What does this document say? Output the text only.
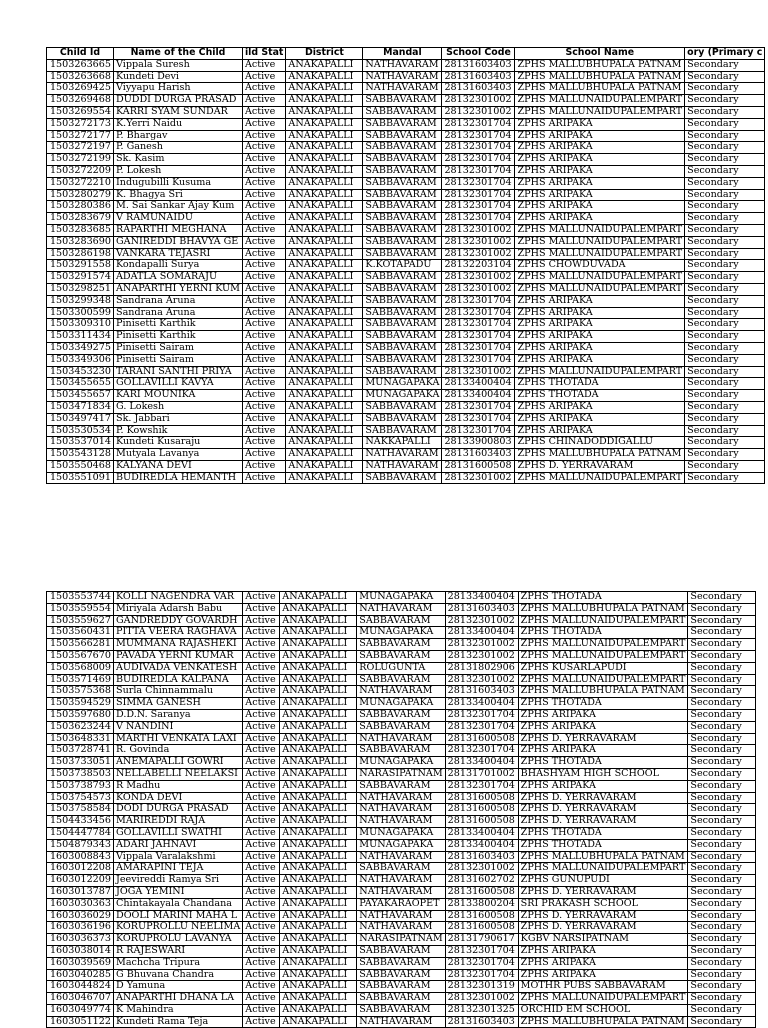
Child Id	Name of the Child	ild Stat	District	Mandal	School Code	School Name	ory (Primary c
1503263665	Vippala Suresh	Active	ANAKAPALLI	NATHAVARAM	28131603403	ZPHS MALLUBHUPALA PATNAM	Secondary
1503263668	Kundeti Devi	Active	ANAKAPALLI	NATHAVARAM	28131603403	ZPHS MALLUBHUPALA PATNAM	Secondary
1503269425	Viyyapu Harish	Active	ANAKAPALLI	NATHAVARAM	28131603403	ZPHS MALLUBHUPALA PATNAM	Secondary
1503269468	DUDDI DURGA PRASAD	Active	ANAKAPALLI	SABBAVARAM	28132301002	ZPHS MALLUNAIDUPALEMPART	Secondary
1503269554	KARRI SYAM SUNDAR	Active	ANAKAPALLI	SABBAVARAM	28132301002	ZPHS MALLUNAIDUPALEMPART	Secondary
1503272173	K.Yerri Naidu	Active	ANAKAPALLI	SABBAVARAM	28132301704	ZPHS ARIPAKA	Secondary
1503272177	P. Bhargav	Active	ANAKAPALLI	SABBAVARAM	28132301704	ZPHS ARIPAKA	Secondary
1503272197	P. Ganesh	Active	ANAKAPALLI	SABBAVARAM	28132301704	ZPHS ARIPAKA	Secondary
1503272199	Sk. Kasim	Active	ANAKAPALLI	SABBAVARAM	28132301704	ZPHS ARIPAKA	Secondary
1503272209	P. Lokesh	Active	ANAKAPALLI	SABBAVARAM	28132301704	ZPHS ARIPAKA	Secondary
1503272210	Indugubilli Kusuma	Active	ANAKAPALLI	SABBAVARAM	28132301704	ZPHS ARIPAKA	Secondary
1503280279	K. Bhagya Sri	Active	ANAKAPALLI	SABBAVARAM	28132301704	ZPHS ARIPAKA	Secondary
1503280386	M. Sai Sankar Ajay Kum	Active	ANAKAPALLI	SABBAVARAM	28132301704	ZPHS ARIPAKA	Secondary
1503283679	V RAMUNAIDU	Active	ANAKAPALLI	SABBAVARAM	28132301704	ZPHS ARIPAKA	Secondary
1503283685	RAPARTHI MEGHANA	Active	ANAKAPALLI	SABBAVARAM	28132301002	ZPHS MALLUNAIDUPALEMPART	Secondary
1503283690	GANIREDDI BHAVYA GE	Active	ANAKAPALLI	SABBAVARAM	28132301002	ZPHS MALLUNAIDUPALEMPART	Secondary
1503286198	VANKARA TEJASRI	Active	ANAKAPALLI	SABBAVARAM	28132301002	ZPHS MALLUNAIDUPALEMPART	Secondary
1503291558	Kondapalli Surya	Active	ANAKAPALLI	K.KOTAPADU	28132203104	ZPHS CHOWDUVADA	Secondary
1503291574	ADATLA SOMARAJU	Active	ANAKAPALLI	SABBAVARAM	28132301002	ZPHS MALLUNAIDUPALEMPART	Secondary
1503298251	ANAPARTHI YERNI KUM	Active	ANAKAPALLI	SABBAVARAM	28132301002	ZPHS MALLUNAIDUPALEMPART	Secondary
1503299348	Sandrana Aruna	Active	ANAKAPALLI	SABBAVARAM	28132301704	ZPHS ARIPAKA	Secondary
1503300599	Sandrana Aruna	Active	ANAKAPALLI	SABBAVARAM	28132301704	ZPHS ARIPAKA	Secondary
1503309310	Pinisetti Karthik	Active	ANAKAPALLI	SABBAVARAM	28132301704	ZPHS ARIPAKA	Secondary
1503311434	Pinisetti Karthik	Active	ANAKAPALLI	SABBAVARAM	28132301704	ZPHS ARIPAKA	Secondary
1503349275	Pinisetti Sairam	Active	ANAKAPALLI	SABBAVARAM	28132301704	ZPHS ARIPAKA	Secondary
1503349306	Pinisetti Sairam	Active	ANAKAPALLI	SABBAVARAM	28132301704	ZPHS ARIPAKA	Secondary
1503453230	TARANI SANTHI PRIYA	Active	ANAKAPALLI	SABBAVARAM	28132301002	ZPHS MALLUNAIDUPALEMPART	Secondary
1503455655	GOLLAVILLI KAVYA	Active	ANAKAPALLI	MUNAGAPAKA	28133400404	ZPHS THOTADA	Secondary
1503455657	KARI MOUNIKA	Active	ANAKAPALLI	MUNAGAPAKA	28133400404	ZPHS THOTADA	Secondary
1503471834	G. Lokesh	Active	ANAKAPALLI	SABBAVARAM	28132301704	ZPHS ARIPAKA	Secondary
1503497417	Sk. Jabbari	Active	ANAKAPALLI	SABBAVARAM	28132301704	ZPHS ARIPAKA	Secondary
1503530534	P. Kowshik	Active	ANAKAPALLI	SABBAVARAM	28132301704	ZPHS ARIPAKA	Secondary
1503537014	Kundeti Kusaraju	Active	ANAKAPALLI	NAKKAPALLI	28133900803	ZPHS CHINADODDIGALLU	Secondary
1503543128	Mutyala Lavanya	Active	ANAKAPALLI	NATHAVARAM	28131603403	ZPHS MALLUBHUPALA PATNAM	Secondary
1503550468	KALYANA DEVI	Active	ANAKAPALLI	NATHAVARAM	28131600508	ZPHS D. YERRAVARAM	Secondary
1503551091	BUDIREDLA HEMANTH	Active	ANAKAPALLI	SABBAVARAM	28132301002	ZPHS MALLUNAIDUPALEMPART	Secondary
1503553744	KOLLI NAGENDRA VAR	Active	ANAKAPALLI	MUNAGAPAKA	28133400404	ZPHS THOTADA	Secondary
1503559554	Miriyala Adarsh Babu	Active	ANAKAPALLI	NATHAVARAM	28131603403	ZPHS MALLUBHUPALA PATNAM	Secondary
1503559627	GANDREDDY GOVARDH	Active	ANAKAPALLI	SABBAVARAM	28132301002	ZPHS MALLUNAIDUPALEMPART	Secondary
1503560431	PITTA VEERA RAGHAVA	Active	ANAKAPALLI	MUNAGAPAKA	28133400404	ZPHS THOTADA	Secondary
1503566281	MUMMANA RAJASHEKI	Active	ANAKAPALLI	SABBAVARAM	28132301002	ZPHS MALLUNAIDUPALEMPART	Secondary
1503567670	PAVADA YERNI KUMAR	Active	ANAKAPALLI	SABBAVARAM	28132301002	ZPHS MALLUNAIDUPALEMPART	Secondary
1503568009	AUDIVADA VENKATESH	Active	ANAKAPALLI	ROLUGUNTA	28131802906	ZPHS KUSARLAPUDI	Secondary
1503571469	BUDIREDLA KALPANA	Active	ANAKAPALLI	SABBAVARAM	28132301002	ZPHS MALLUNAIDUPALEMPART	Secondary
1503575368	Surla Chinnammalu	Active	ANAKAPALLI	NATHAVARAM	28131603403	ZPHS MALLUBHUPALA PATNAM	Secondary
1503594529	SIMMA GANESH	Active	ANAKAPALLI	MUNAGAPAKA	28133400404	ZPHS THOTADA	Secondary
1503597680	D.D.N. Saranya	Active	ANAKAPALLI	SABBAVARAM	28132301704	ZPHS ARIPAKA	Secondary
1503623244	V NANDINI	Active	ANAKAPALLI	SABBAVARAM	28132301704	ZPHS ARIPAKA	Secondary
1503648331	MARTHI VENKATA LAXI	Active	ANAKAPALLI	NATHAVARAM	28131600508	ZPHS D. YERRAVARAM	Secondary
1503728741	R. Govinda	Active	ANAKAPALLI	SABBAVARAM	28132301704	ZPHS ARIPAKA	Secondary
1503733051	ANEMAPALLI GOWRI	Active	ANAKAPALLI	MUNAGAPAKA	28133400404	ZPHS THOTADA	Secondary
1503738503	NELLABELLI NEELAKSI	Active	ANAKAPALLI	NARASIPATNAM	28131701002	BHASHYAM HIGH SCHOOL	Secondary
1503738793	R Madhu	Active	ANAKAPALLI	SABBAVARAM	28132301704	ZPHS ARIPAKA	Secondary
1503754573	KONDA DEVI	Active	ANAKAPALLI	NATHAVARAM	28131600508	ZPHS D. YERRAVARAM	Secondary
1503758584	DODI DURGA PRASAD	Active	ANAKAPALLI	NATHAVARAM	28131600508	ZPHS D. YERRAVARAM	Secondary
1504433456	MARIREDDI RAJA	Active	ANAKAPALLI	NATHAVARAM	28131600508	ZPHS D. YERRAVARAM	Secondary
1504447784	GOLLAVILLI SWATHI	Active	ANAKAPALLI	MUNAGAPAKA	28133400404	ZPHS THOTADA	Secondary
1504879343	ADARI JAHNAVI	Active	ANAKAPALLI	MUNAGAPAKA	28133400404	ZPHS THOTADA	Secondary
1603008843	Vippala Varalakshmi	Active	ANAKAPALLI	NATHAVARAM	28131603403	ZPHS MALLUBHUPALA PATNAM	Secondary
1603012208	AMARAPINI TEJA	Active	ANAKAPALLI	SABBAVARAM	28132301002	ZPHS MALLUNAIDUPALEMPART	Secondary
1603012209	Jeevireddi Ramya Sri	Active	ANAKAPALLI	NATHAVARAM	28131602702	ZPHS GUNUPUDI	Secondary
1603013787	JOGA YEMINI	Active	ANAKAPALLI	NATHAVARAM	28131600508	ZPHS D. YERRAVARAM	Secondary
1603030363	Chintakayala Chandana	Active	ANAKAPALLI	PAYAKARAOPET	28133800204	SRI PRAKASH SCHOOL	Secondary
1603036029	DOOLI MARINI MAHA L	Active	ANAKAPALLI	NATHAVARAM	28131600508	ZPHS D. YERRAVARAM	Secondary
1603036196	KORUPROLLU NEELIMA	Active	ANAKAPALLI	NATHAVARAM	28131600508	ZPHS D. YERRAVARAM	Secondary
1603036373	KORUPROLU LAVANYA	Active	ANAKAPALLI	NARASIPATNAM	28131790617	KGBV NARSIPATNAM	Secondary
1603038014	R RAJESWARI	Active	ANAKAPALLI	SABBAVARAM	28132301704	ZPHS ARIPAKA	Secondary
1603039569	Machcha Tripura	Active	ANAKAPALLI	SABBAVARAM	28132301704	ZPHS ARIPAKA	Secondary
1603040285	G Bhuvana Chandra	Active	ANAKAPALLI	SABBAVARAM	28132301704	ZPHS ARIPAKA	Secondary
1603044824	D Yamuna	Active	ANAKAPALLI	SABBAVARAM	28132301319	MOTHR PUBS SABBAVARAM	Secondary
1603046707	ANAPARTHI DHANA LA	Active	ANAKAPALLI	SABBAVARAM	28132301002	ZPHS MALLUNAIDUPALEMPART	Secondary
1603049774	K Mahindra	Active	ANAKAPALLI	SABBAVARAM	28132301325	ORCHID EM SCHOOL	Secondary
1603051122	Kundeti Rama Teja	Active	ANAKAPALLI	NATHAVARAM	28131603403	ZPHS MALLUBHUPALA PATNAM	Secondary
